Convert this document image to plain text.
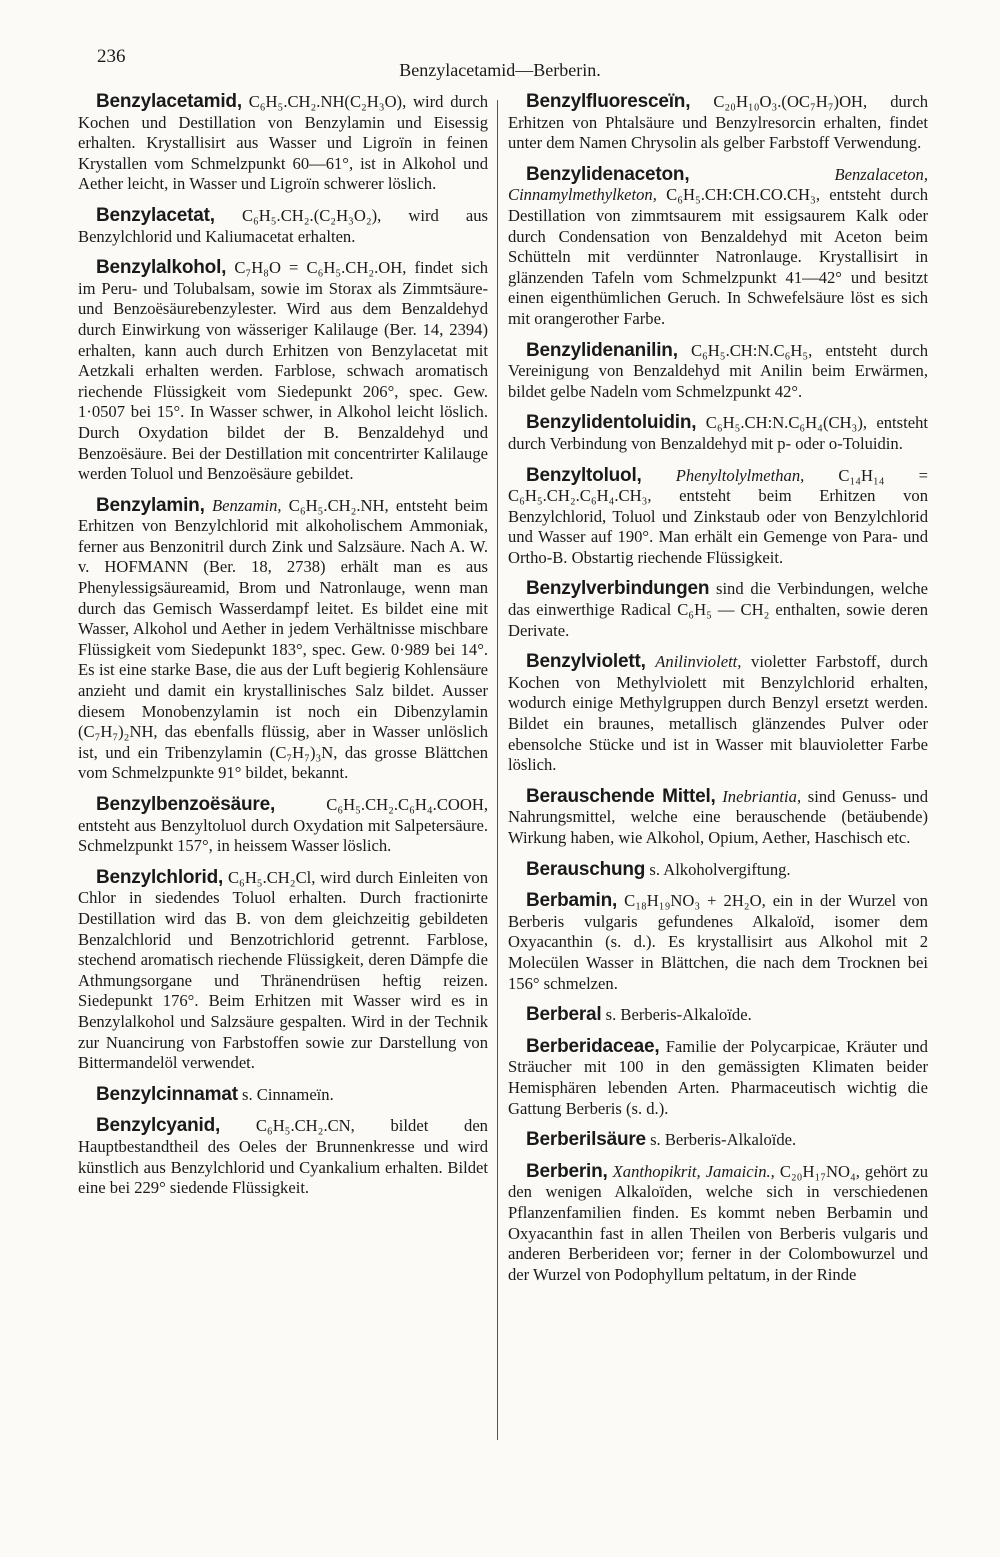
236
Benzylacetamid—Berberin.
Benzylacetamid, C₆H₅.CH₂.NH(C₂H₃O), wird durch Kochen und Destillation von Benzylamin und Eisessig erhalten. Krystallisirt aus Wasser und Ligroïn in feinen Krystallen vom Schmelzpunkt 60—61°, ist in Alkohol und Aether leicht, in Wasser und Ligroïn schwerer löslich.
Benzylacetat, C₆H₅.CH₂.(C₂H₃O₂), wird aus Benzylchlorid und Kaliumacetat erhalten.
Benzylalkohol, C₇H₈O = C₆H₅.CH₂.OH, findet sich im Peru- und Tolubalsam, sowie im Storax als Zimmtsäure- und Benzoësäurebenzylester. Wird aus dem Benzaldehyd durch Einwirkung von wässeriger Kalilauge (Ber. 14, 2394) erhalten, kann auch durch Erhitzen von Benzylacetat mit Aetzkali erhalten werden. Farblose, schwach aromatisch riechende Flüssigkeit vom Siedepunkt 206°, spec. Gew. 1·0507 bei 15°. In Wasser schwer, in Alkohol leicht löslich. Durch Oxydation bildet der B. Benzaldehyd und Benzoësäure. Bei der Destillation mit concentrirter Kalilauge werden Toluol und Benzoësäure gebildet.
Benzylamin, Benzamin, C₆H₅.CH₂.NH, entsteht beim Erhitzen von Benzylchlorid mit alkoholischem Ammoniak, ferner aus Benzonitril durch Zink und Salzsäure. Nach A. W. v. HOFMANN (Ber. 18, 2738) erhält man es aus Phenylessigsäureamid, Brom und Natronlauge, wenn man durch das Gemisch Wasserdampf leitet. Es bildet eine mit Wasser, Alkohol und Aether in jedem Verhältnisse mischbare Flüssigkeit vom Siedepunkt 183°, spec. Gew. 0·989 bei 14°. Es ist eine starke Base, die aus der Luft begierig Kohlensäure anzieht und damit ein krystallinisches Salz bildet. Ausser diesem Monobenzylamin ist noch ein Dibenzylamin (C₇H₇)₂NH, das ebenfalls flüssig, aber in Wasser unlöslich ist, und ein Tribenzylamin (C₇H₇)₃N, das grosse Blättchen vom Schmelzpunkte 91° bildet, bekannt.
Benzylbenzoësäure,	C₆H₅.CH₂.C₆H₄.COOH, entsteht aus Benzyltoluol durch Oxydation mit Salpetersäure. Schmelzpunkt 157°, in heissem Wasser löslich.
Benzylchlorid, C₆H₅.CH₂Cl, wird durch Einleiten von Chlor in siedendes Toluol erhalten. Durch fractionirte Destillation wird das B. von dem gleichzeitig gebildeten Benzalchlorid und Benzotrichlorid getrennt. Farblose, stechend aromatisch riechende Flüssigkeit, deren Dämpfe die Athmungsorgane und Thränendrüsen heftig reizen. Siedepunkt 176°. Beim Erhitzen mit Wasser wird es in Benzylalkohol und Salzsäure gespalten. Wird in der Technik zur Nuancirung von Farbstoffen sowie zur Darstellung von Bittermandelöl verwendet.
Benzylcinnamat s. Cinnameïn.
Benzylcyanid, C₆H₅.CH₂.CN, bildet den Hauptbestandtheil des Oeles der Brunnenkresse und wird künstlich aus Benzylchlorid und Cyankalium erhalten. Bildet eine bei 229° siedende Flüssigkeit.
Benzylfluoresceïn, C₂₀H₁₀O₃.(OC₇H₇)OH, durch Erhitzen von Phtalsäure und Benzylresorcin erhalten, findet unter dem Namen Chrysolin als gelber Farbstoff Verwendung.
Benzylidenaceton,	Benzalaceton, Cinnamylmethylketon, C₆H₅.CH:CH.CO.CH₃, entsteht durch Destillation von zimmtsaurem mit essigsaurem Kalk oder durch Condensation von Benzaldehyd mit Aceton beim Schütteln mit verdünnter Natronlauge. Krystallisirt in glänzenden Tafeln vom Schmelzpunkt 41—42° und besitzt einen eigenthümlichen Geruch. In Schwefelsäure löst es sich mit orangerother Farbe.
Benzylidenanilin, C₆H₅.CH:N.C₆H₅, entsteht durch Vereinigung von Benzaldehyd mit Anilin beim Erwärmen, bildet gelbe Nadeln vom Schmelzpunkt 42°.
Benzylidentoluidin, C₆H₅.CH:N.C₆H₄(CH₃), entsteht durch Verbindung von Benzaldehyd mit p- oder o-Toluidin.
Benzyltoluol, Phenyltolylmethan, C₁₄H₁₄ = C₆H₅.CH₂.C₆H₄.CH₃, entsteht beim Erhitzen von Benzylchlorid, Toluol und Zinkstaub oder von Benzylchlorid und Wasser auf 190°. Man erhält ein Gemenge von Para- und Ortho-B. Obstartig riechende Flüssigkeit.
Benzylverbindungen sind die Verbindungen, welche das einwerthige Radical C₆H₅ — CH₂ enthalten, sowie deren Derivate.
Benzylviolett, Anilinviolett, violetter Farbstoff, durch Kochen von Methylviolett mit Benzylchlorid erhalten, wodurch einige Methylgruppen durch Benzyl ersetzt werden. Bildet ein braunes, metallisch glänzendes Pulver oder ebensolche Stücke und ist in Wasser mit blauvioletter Farbe löslich.
Berauschende Mittel, Inebriantia, sind Genuss- und Nahrungsmittel, welche eine berauschende (betäubende) Wirkung haben, wie Alkohol, Opium, Aether, Haschisch etc.
Berauschung s. Alkoholvergiftung.
Berbamin, C₁₈H₁₉NO₃ + 2H₂O, ein in der Wurzel von Berberis vulgaris gefundenes Alkaloïd, isomer dem Oxyacanthin (s. d.). Es krystallisirt aus Alkohol mit 2 Molecülen Wasser in Blättchen, die nach dem Trocknen bei 156° schmelzen.
Berberal s. Berberis-Alkaloïde.
Berberidaceae, Familie der Polycarpicae, Kräuter und Sträucher mit 100 in den gemässigten Klimaten beider Hemisphären lebenden Arten. Pharmaceutisch wichtig die Gattung Berberis (s. d.).
Berberilsäure s. Berberis-Alkaloïde.
Berberin, Xanthopikrit, Jamaicin., C₂₀H₁₇NO₄, gehört zu den wenigen Alkaloïden, welche sich in verschiedenen Pflanzenfamilien finden. Es kommt neben Berbamin und Oxyacanthin fast in allen Theilen von Berberis vulgaris und anderen Berberideen vor; ferner in der Colombowurzel und der Wurzel von Podophyllum peltatum, in der Rinde
